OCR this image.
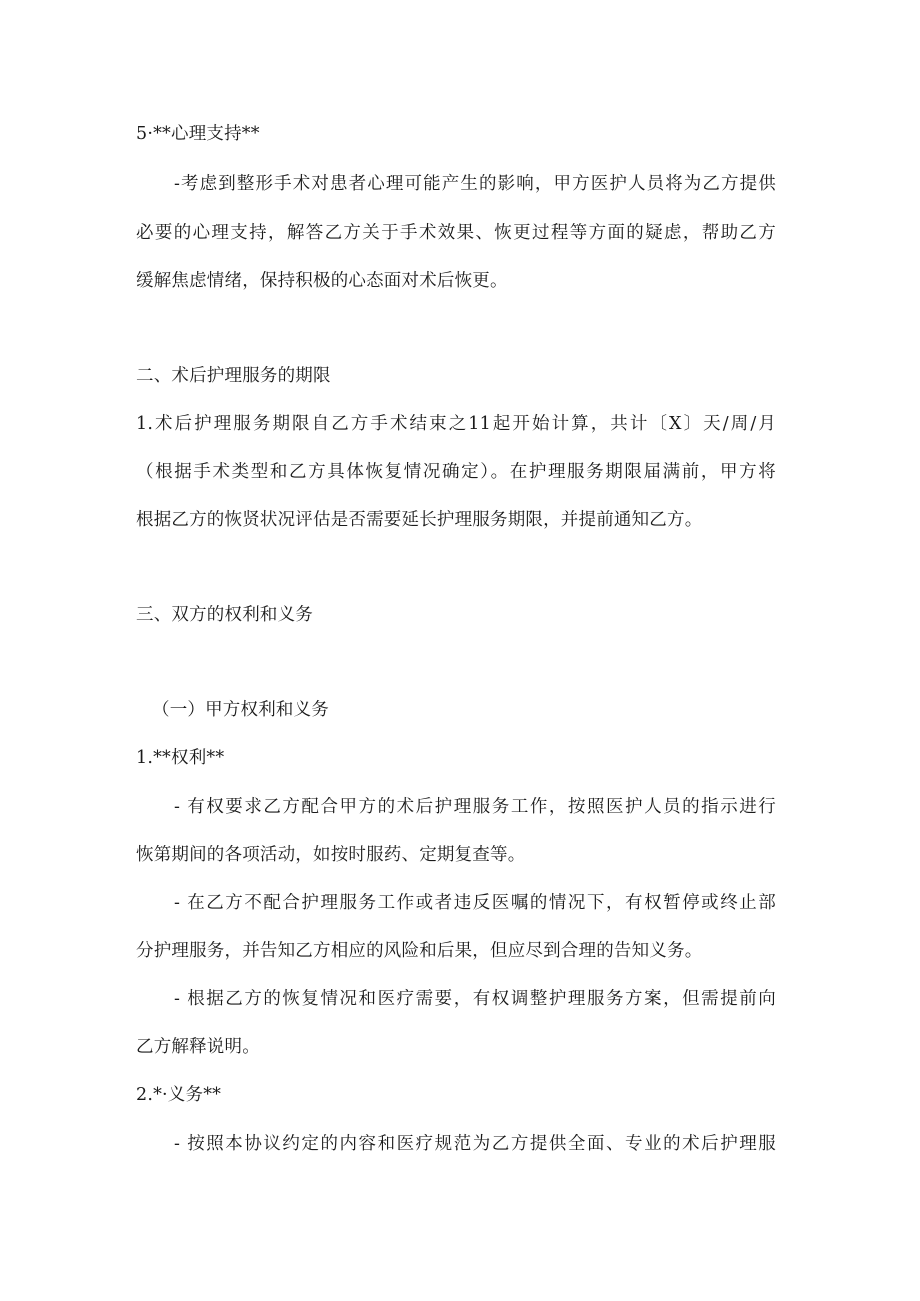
5·**心理支持**
-考虑到整形手术对患者心理可能产生的影响，甲方医护人员将为乙方提供
必要的心理支持，解答乙方关于手术效果、恢更过程等方面的疑虑，帮助乙方
缓解焦虑情绪，保持积极的心态面对术后恢更。
二、术后护理服务的期限
1.术后护理服务期限自乙方手术结束之11起开始计算，共计〔X〕天/周/月
（根据手术类型和乙方具体恢复情况确定）。在护理服务期限届满前，甲方将
根据乙方的恢贤状况评估是否需要延长护理服务期限，并提前通知乙方。
三、双方的权利和义务
（一）甲方权利和义务
1.**权利**
- 有权要求乙方配合甲方的术后护理服务工作，按照医护人员的指示进行
恢第期间的各项活动，如按时服药、定期复查等。
- 在乙方不配合护理服务工作或者违反医嘱的情况下，有权暂停或终止部
分护理服务，并告知乙方相应的风险和后果，但应尽到合理的告知义务。
- 根据乙方的恢复情况和医疗需要，有权调整护理服务方案，但需提前向
乙方解释说明。
2.*·义务**
- 按照本协议约定的内容和医疗规范为乙方提供全面、专业的术后护理服
